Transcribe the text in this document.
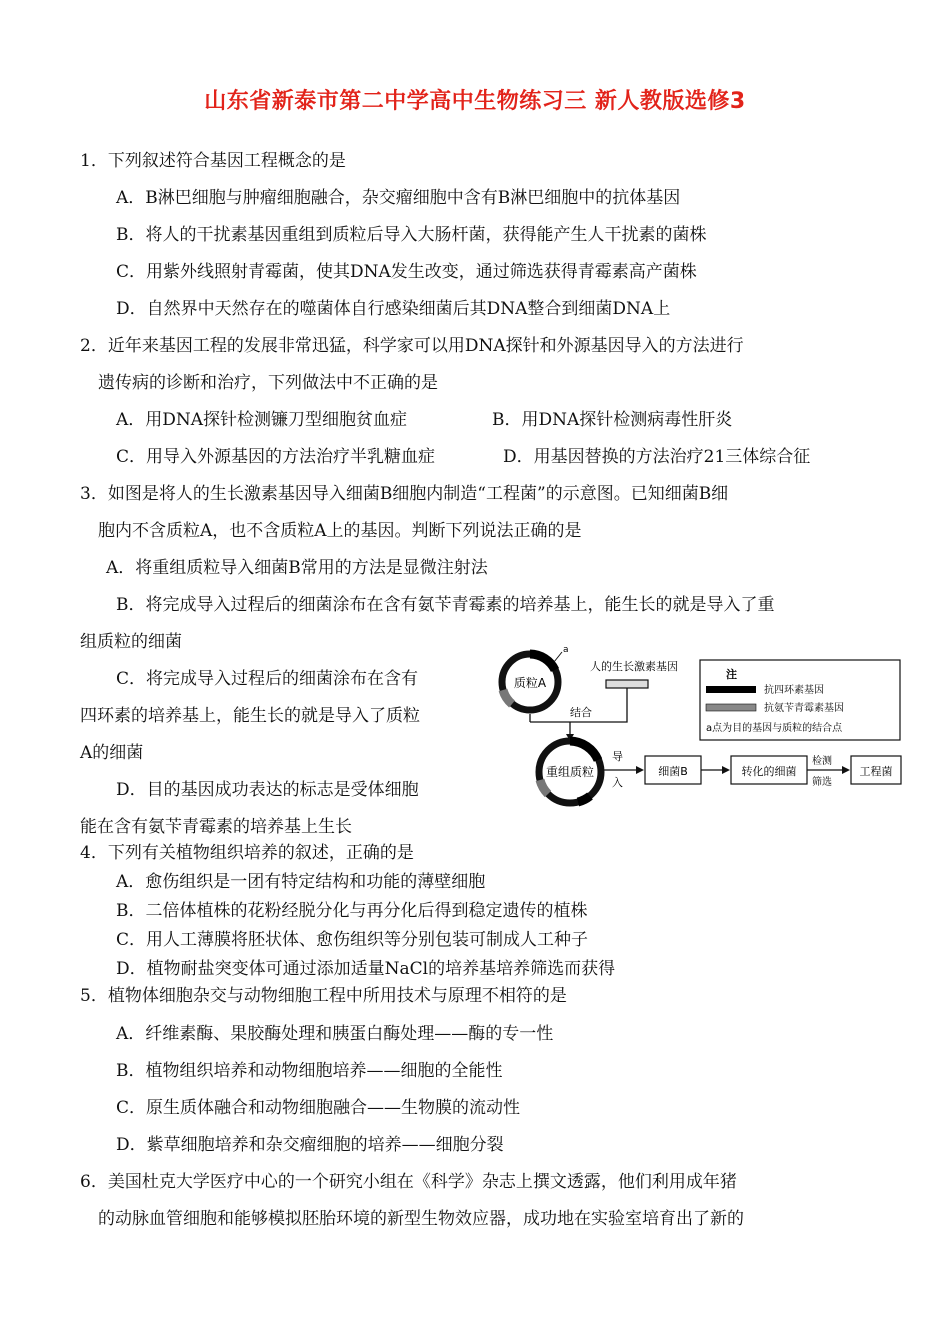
山东省新泰市第二中学高中生物练习三 新人教版选修3
1．下列叙述符合基因工程概念的是
A．B淋巴细胞与肿瘤细胞融合，杂交瘤细胞中含有B淋巴细胞中的抗体基因
B．将人的干扰素基因重组到质粒后导入大肠杆菌，获得能产生人干扰素的菌株
C．用紫外线照射青霉菌，使其DNA发生改变，通过筛选获得青霉素高产菌株
D．自然界中天然存在的噬菌体自行感染细菌后其DNA整合到细菌DNA上
2．近年来基因工程的发展非常迅猛，科学家可以用DNA探针和外源基因导入的方法进行
遗传病的诊断和治疗，下列做法中不正确的是
A．用DNA探针检测镰刀型细胞贫血症	B．用DNA探针检测病毒性肝炎
C．用导入外源基因的方法治疗半乳糖血症	D．用基因替换的方法治疗21三体综合征
3．如图是将人的生长激素基因导入细菌B细胞内制造“工程菌”的示意图。已知细菌B细
胞内不含质粒A，也不含质粒A上的基因。判断下列说法正确的是
A．将重组质粒导入细菌B常用的方法是显微注射法
B．将完成导入过程后的细菌涂布在含有氨苄青霉素的培养基上，能生长的就是导入了重
组质粒的细菌
C．将完成导入过程后的细菌涂布在含有
四环素的培养基上，能生长的就是导入了质粒
A的细菌
D．目的基因成功表达的标志是受体细胞
能在含有氨苄青霉素的培养基上生长
质粒A
a
人的生长激素基因
结合
重组质粒
导
入
细菌B	转化的细菌
检测
筛选
工程菌
注
抗四环素基因
抗氨苄青霉素基因
a点为目的基因与质粒的结合点
4．下列有关植物组织培养的叙述，正确的是
A．愈伤组织是一团有特定结构和功能的薄壁细胞
B．二倍体植株的花粉经脱分化与再分化后得到稳定遗传的植株
C．用人工薄膜将胚状体、愈伤组织等分别包装可制成人工种子
D．植物耐盐突变体可通过添加适量NaCl的培养基培养筛选而获得
5．植物体细胞杂交与动物细胞工程中所用技术与原理不相符的是
A．纤维素酶、果胶酶处理和胰蛋白酶处理——酶的专一性
B．植物组织培养和动物细胞培养——细胞的全能性
C．原生质体融合和动物细胞融合——生物膜的流动性
D．紫草细胞培养和杂交瘤细胞的培养——细胞分裂
6．美国杜克大学医疗中心的一个研究小组在《科学》杂志上撰文透露，他们利用成年猪
的动脉血管细胞和能够模拟胚胎环境的新型生物效应器，成功地在实验室培育出了新的
